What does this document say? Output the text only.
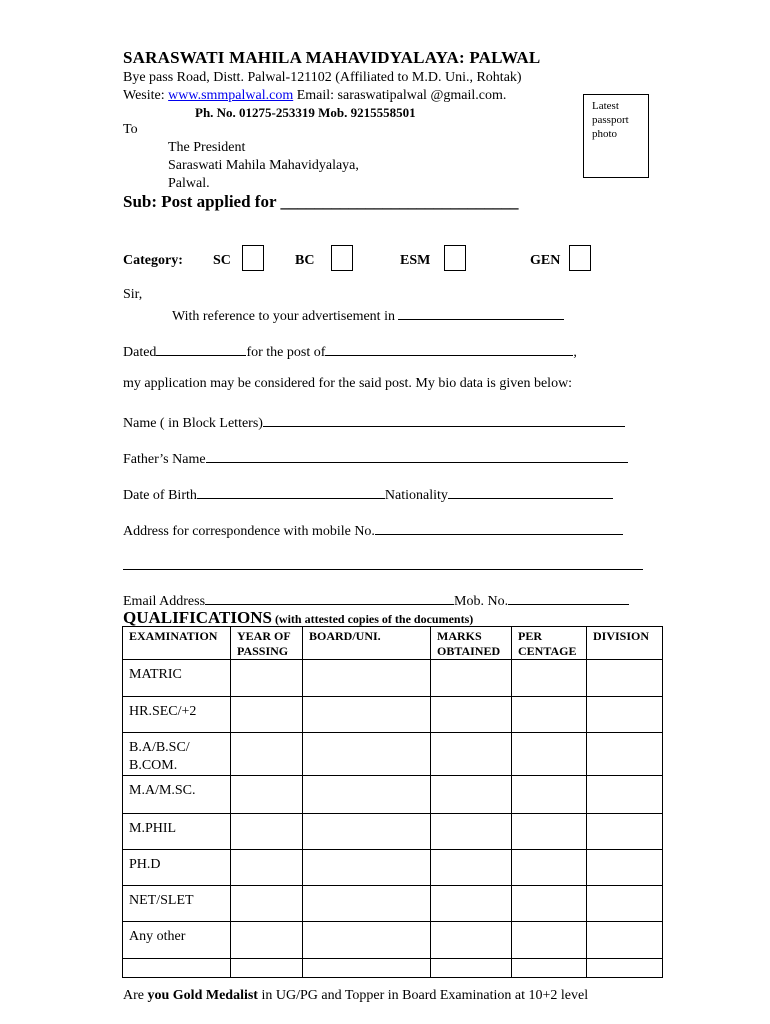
SARASWATI MAHILA MAHAVIDYALAYA: PALWAL
Bye pass Road, Distt. Palwal-121102 (Affiliated to M.D. Uni., Rohtak)
Wesite: www.smmpalwal.com Email: saraswatipalwal @gmail.com.
Ph. No. 01275-253319 Mob. 9215558501	Latest
passport
photo
To
The President
Saraswati Mahila Mahavidyalaya,
Palwal.
Sub: Post applied for ____________________________
Category: SC	BC	ESM	GEN
Sir,
With reference to your advertisement in
Dated	for the post of	,
my application may be considered for the said post. My bio data is given below:
Name ( in Block Letters)
Father’s Name
Date of Birth	Nationality
Address for correspondence with mobile No.
Email Address	Mob. No.
QUALIFICATIONS (with attested copies of the documents)
EXAMINATION	YEAR OF PASSING	BOARD/UNI.	MARKS OBTAINED	PER CENTAGE	DIVISION
MATRIC					
HR.SEC/+2					
B.A/B.SC/ B.COM.					
M.A/M.SC.					
M.PHIL					
PH.D					
NET/SLET					
Any other					

Are you Gold Medalist in UG/PG and Topper in Board Examination at 10+2 level
